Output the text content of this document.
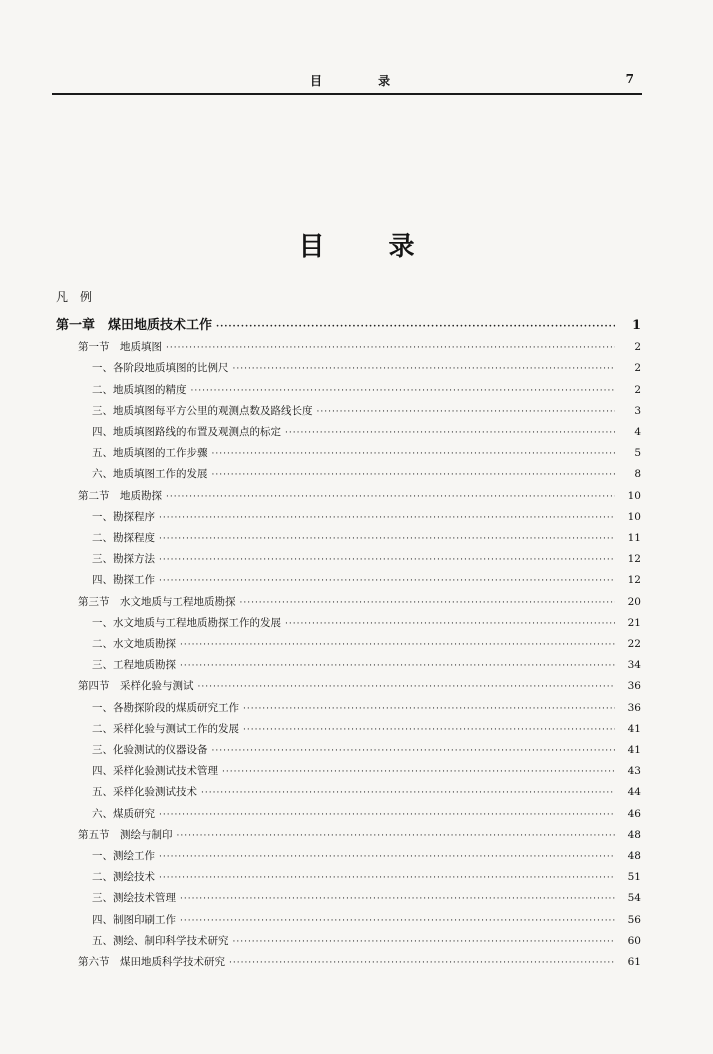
目 录	7
目录
凡例
第一章　煤田地质技术工作 ·····	1
第一节　地质填图 ·····	2
一、各阶段地质填图的比例尺 ·····	2
二、地质填图的精度 ·····	2
三、地质填图每平方公里的观测点数及路线长度 ·····	3
四、地质填图路线的布置及观测点的标定 ·····	4
五、地质填图的工作步骤 ·····	5
六、地质填图工作的发展 ·····	8
第二节　地质勘探 ·····	10
一、勘探程序 ·····	10
二、勘探程度 ·····	11
三、勘探方法 ·····	12
四、勘探工作 ·····	12
第三节　水文地质与工程地质勘探 ·····	20
一、水文地质与工程地质勘探工作的发展 ·····	21
二、水文地质勘探 ·····	22
三、工程地质勘探 ·····	34
第四节　采样化验与测试 ·····	36
一、各勘探阶段的煤质研究工作 ·····	36
二、采样化验与测试工作的发展 ·····	41
三、化验测试的仪器设备 ·····	41
四、采样化验测试技术管理 ·····	43
五、采样化验测试技术 ·····	44
六、煤质研究 ·····	46
第五节　测绘与制印 ·····	48
一、测绘工作 ·····	48
二、测绘技术 ·····	51
三、测绘技术管理 ·····	54
四、制图印刷工作 ·····	56
五、测绘、制印科学技术研究 ·····	60
第六节　煤田地质科学技术研究 ·····	61
